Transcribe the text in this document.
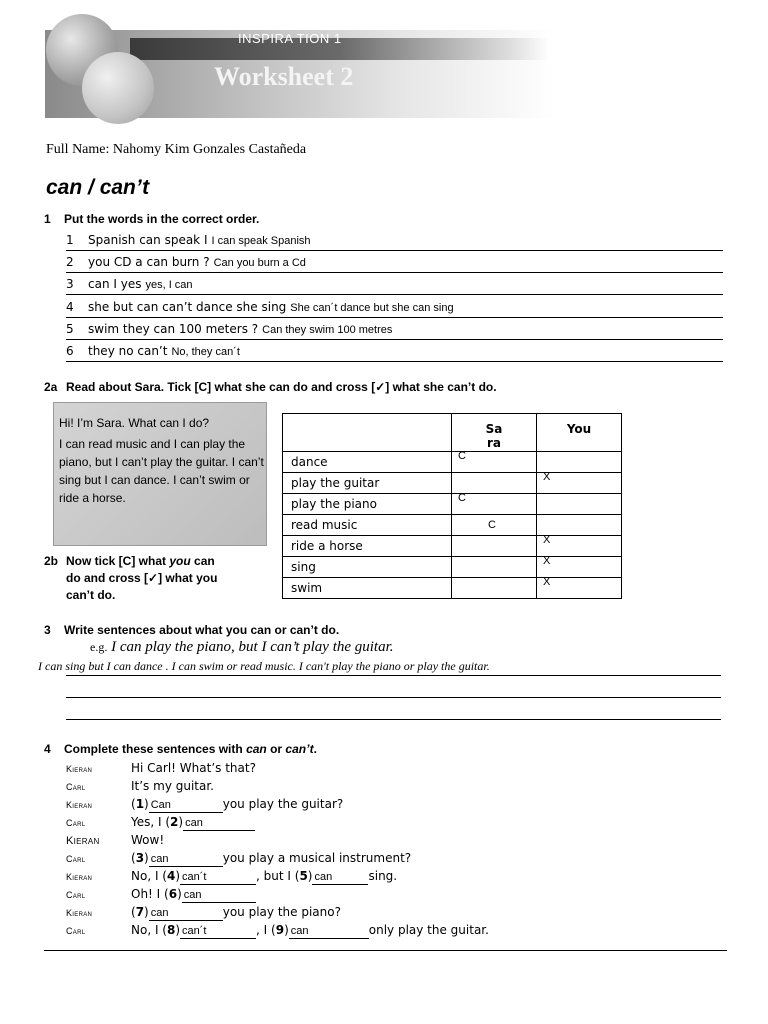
INSPIRA TION 1
Worksheet 2
Full Name: Nahomy Kim Gonzales Castañeda
can / can’t
1 Put the words in the correct order.
1 Spanish can speak I I can speak Spanish
2 you CD a can burn ? Can you burn a Cd
3 can I yes yes, I can
4 she but can can’t dance she sing She can´t dance but she can sing
5 swim they can 100 meters ? Can they swim 100 metres
6 they no can’t No, they can´t
2a Read about Sara. Tick [C] what she can do and cross [✓] what she can’t do.
Hi! I’m Sara. What can I do?
I can read music and I can play the piano, but I can’t play the guitar. I can’t sing but I can dance. I can’t swim or ride a horse.
2b Now tick [C] what you can
do and cross [✓] what you
can’t do.

	Sa ra	You

dance	C	

play the guitar		X

play the piano	C	

read music	C	

ride a horse		X

sing		X

swim		X
3 Write sentences about what you can or can’t do.
e.g. I can play the piano, but I can’t play the guitar.
I can sing but I can dance . I can swim or read music. I can't play the piano or play the guitar.
4 Complete these sentences with can or can’t.
Kieran	Hi Carl! What’s that?
Carl	It’s my guitar.
Kieran	(1) Can	you play the guitar?
Carl	Yes, I (2) can
Kieran	Wow!
Carl	(3) can	you play a musical instrument?
Kieran	No, I (4) can´t	, but I (5) can	sing.
Carl	Oh! I (6) can
Kieran	(7) can	you play the piano?
Carl	No, I (8) can´t	, I (9) can	only play the guitar.
